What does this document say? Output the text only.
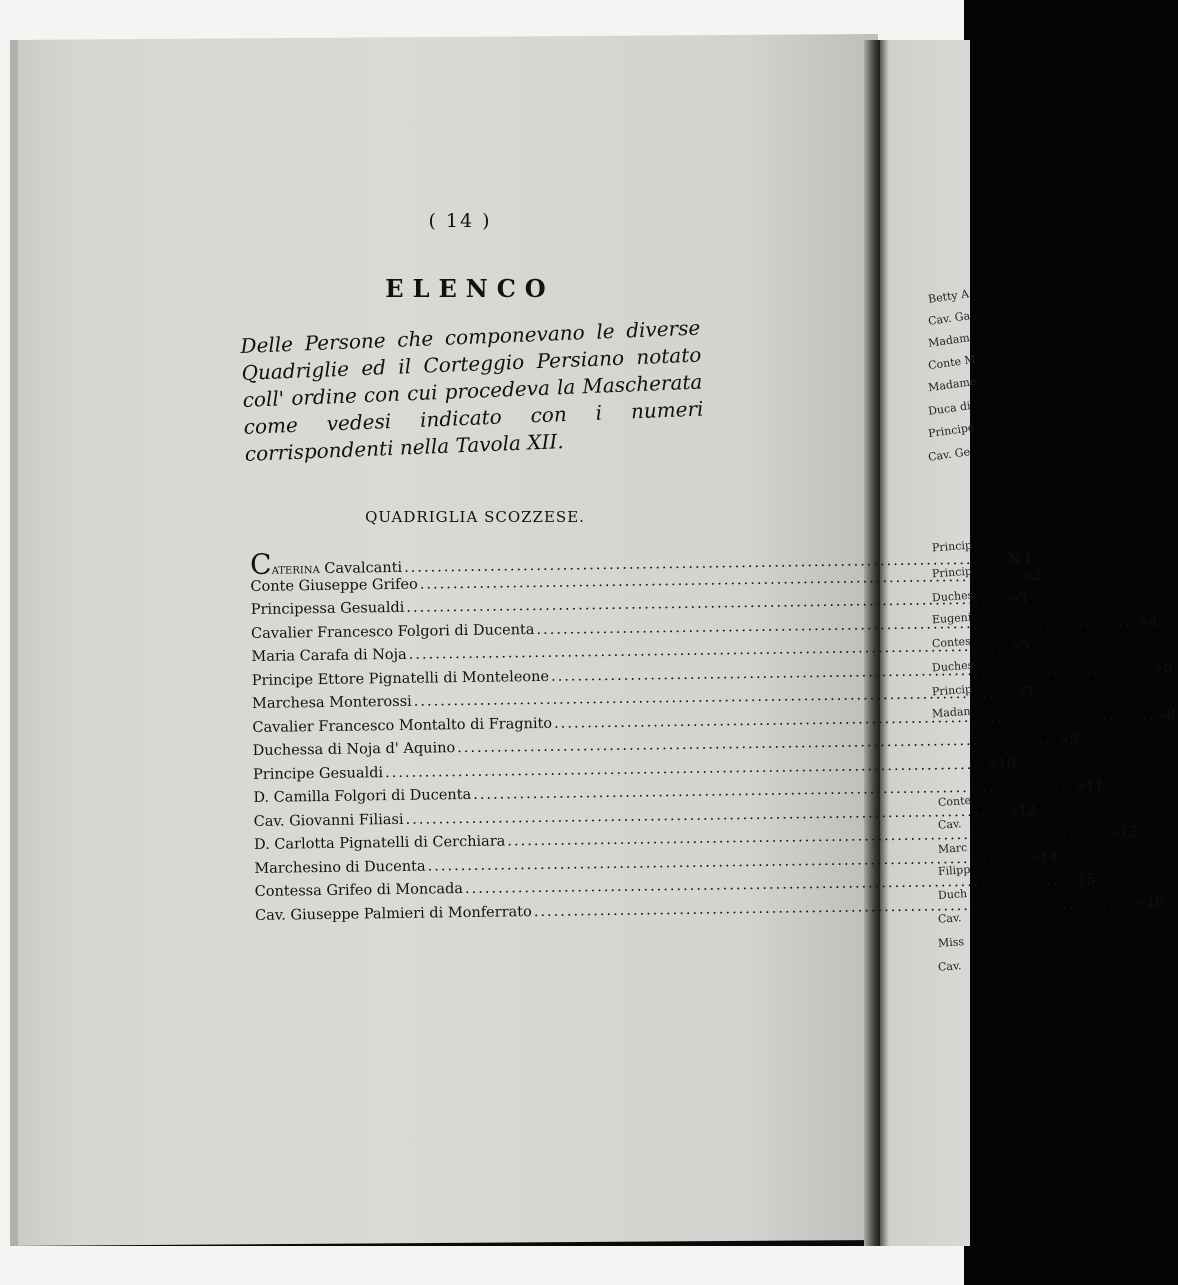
( 14 )
ELENCO
Delle Persone che componevano le diverse Quadriglie ed il Corteggio Persiano notato coll' ordine con cui procedeva la Mascherata come vedesi indicato con i numeri corrispondenti nella Tavola XII.
QUADRIGLIA SCOZZESE.
Caterina Cavalcanti
.....
N. 1
Conte Giuseppe Grifeo
.....
» 2
Principessa Gesualdi
.....
» 3
Cavalier Francesco Folgori di Ducenta
.....
» 4
Maria Carafa di Noja
.....
» 5
Principe Ettore Pignatelli di Monteleone
.....
» 6
Marchesa Monterossi
.....
» 7
Cavalier Francesco Montalto di Fragnito
.....
» 8
Duchessa di Noja d' Aquino
.....
» 9
Principe Gesualdi
.....
» 10
D. Camilla Folgori di Ducenta
.....
» 11
Cav. Giovanni Filiasi
.....
» 12
D. Carlotta Pignatelli di Cerchiara
.....
» 13
Marchesino di Ducenta
.....
» 14
Contessa Grifeo di Moncada
.....
» 15
Cav. Giuseppe Palmieri di Monferrato
.....
» 16
Betty A
Cav. Ga
Madam
Conte M
Madame
Duca di
Principe
Cav. Ge
Princip
Princip
Duches
Eugeni
Contes
Duches
Princip
Madan
Conte
Cav.
Marc
Filipp
Duch
Cav.
Miss
Cav.
